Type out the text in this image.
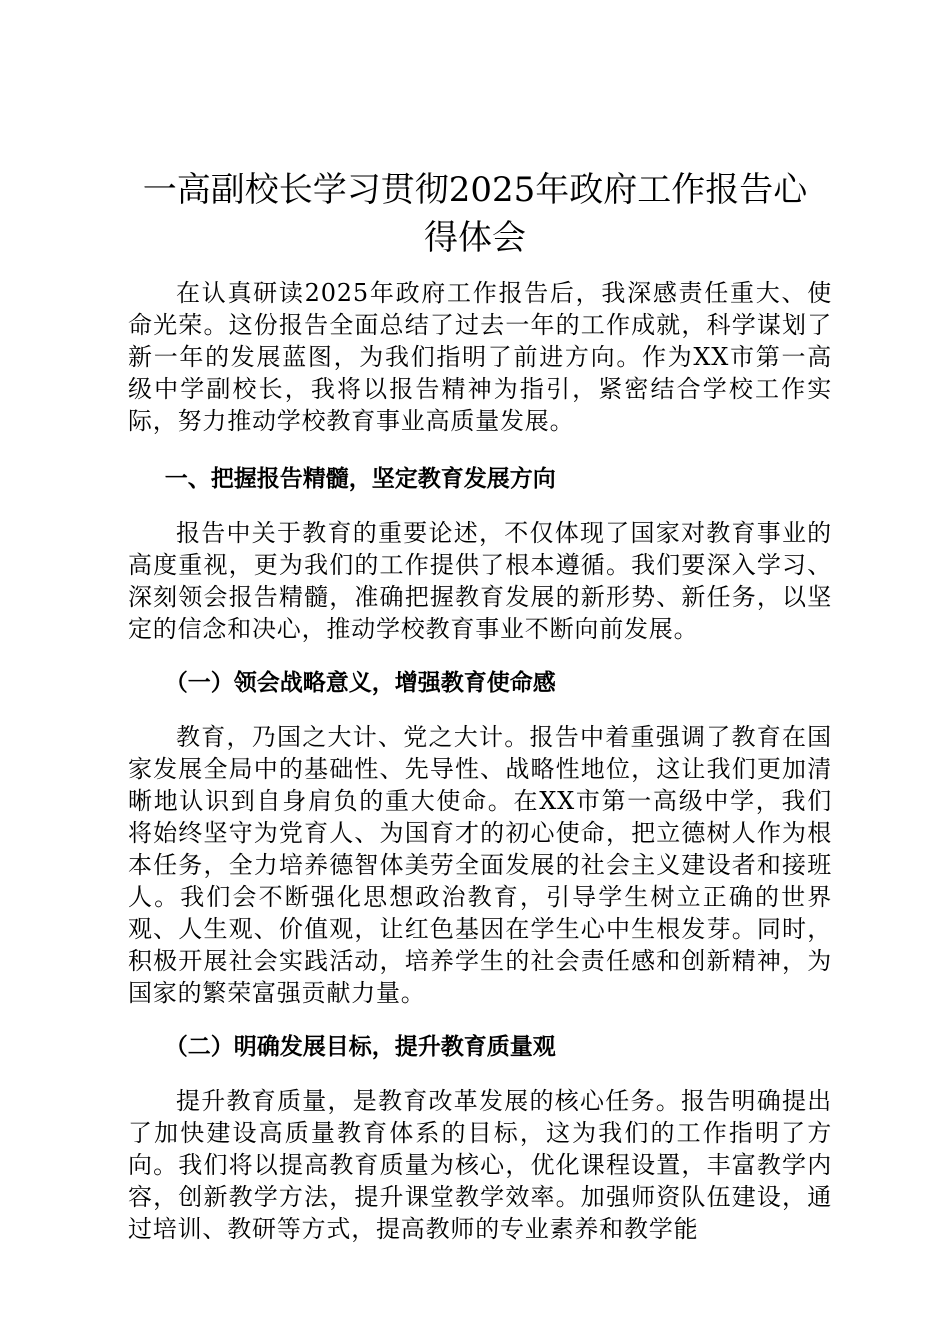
一高副校长学习贯彻2025年政府工作报告心
得体会

在认真研读2025年政府工作报告后，我深感责任重大、使命光荣。这份报告全面总结了过去一年的工作成就，科学谋划了新一年的发展蓝图，为我们指明了前进方向。作为XX市第一高级中学副校长，我将以报告精神为指引，紧密结合学校工作实际，努力推动学校教育事业高质量发展。

一、把握报告精髓，坚定教育发展方向

报告中关于教育的重要论述，不仅体现了国家对教育事业的高度重视，更为我们的工作提供了根本遵循。我们要深入学习、深刻领会报告精髓，准确把握教育发展的新形势、新任务，以坚定的信念和决心，推动学校教育事业不断向前发展。

（一）领会战略意义，增强教育使命感

教育，乃国之大计、党之大计。报告中着重强调了教育在国家发展全局中的基础性、先导性、战略性地位，这让我们更加清晰地认识到自身肩负的重大使命。在XX市第一高级中学，我们将始终坚守为党育人、为国育才的初心使命，把立德树人作为根本任务，全力培养德智体美劳全面发展的社会主义建设者和接班人。我们会不断强化思想政治教育，引导学生树立正确的世界观、人生观、价值观，让红色基因在学生心中生根发芽。同时，积极开展社会实践活动，培养学生的社会责任感和创新精神，为国家的繁荣富强贡献力量。

（二）明确发展目标，提升教育质量观

提升教育质量，是教育改革发展的核心任务。报告明确提出了加快建设高质量教育体系的目标，这为我们的工作指明了方向。我们将以提高教育质量为核心，优化课程设置，丰富教学内容，创新教学方法，提升课堂教学效率。加强师资队伍建设，通过培训、教研等方式，提高教师的专业素养和教学能
